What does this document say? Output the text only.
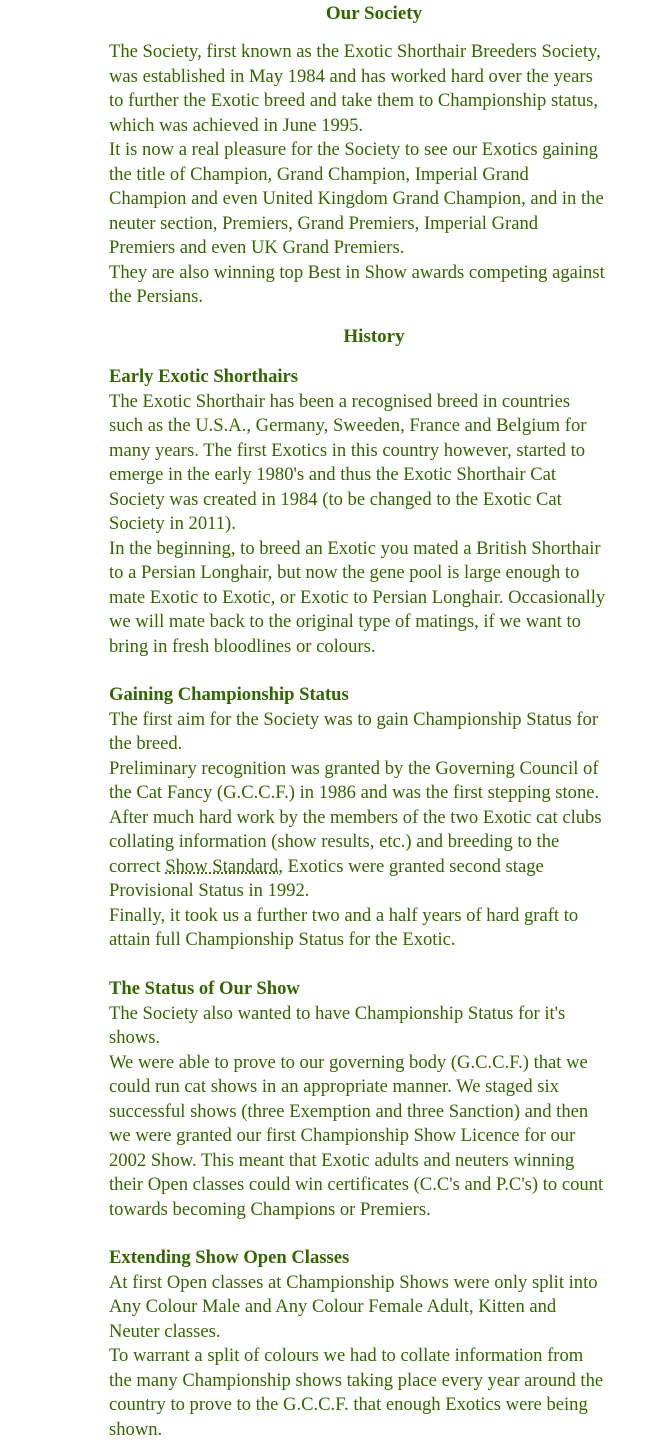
Our Society

The Society, first known as the Exotic Shorthair Breeders Society,
was established in May 1984 and has worked hard over the years
to further the Exotic breed and take them to Championship status,
which was achieved in June 1995.
It is now a real pleasure for the Society to see our Exotics gaining
the title of Champion, Grand Champion, Imperial Grand
Champion and even United Kingdom Grand Champion, and in the
neuter section, Premiers, Grand Premiers, Imperial Grand
Premiers and even UK Grand Premiers.
They are also winning top Best in Show awards competing against
the Persians.

History
Early Exotic Shorthairs

The Exotic Shorthair has been a recognised breed in countries
such as the U.S.A., Germany, Sweeden, France and Belgium for
many years. The first Exotics in this country however, started to
emerge in the early 1980's and thus the Exotic Shorthair Cat
Society was created in 1984 (to be changed to the Exotic Cat
Society in 2011).
In the beginning, to breed an Exotic you mated a British Shorthair
to a Persian Longhair, but now the gene pool is large enough to
mate Exotic to Exotic, or Exotic to Persian Longhair. Occasionally
we will mate back to the original type of matings, if we want to
bring in fresh bloodlines or colours.

Gaining Championship Status

The first aim for the Society was to gain Championship Status for
the breed.
Preliminary recognition was granted by the Governing Council of
the Cat Fancy (G.C.C.F.) in 1986 and was the first stepping stone.
After much hard work by the members of the two Exotic cat clubs
collating information (show results, etc.) and breeding to the
correct Show Standard, Exotics were granted second stage
Provisional Status in 1992.
Finally, it took us a further two and a half years of hard graft to
attain full Championship Status for the Exotic.

The Status of Our Show

The Society also wanted to have Championship Status for it's
shows.
We were able to prove to our governing body (G.C.C.F.) that we
could run cat shows in an appropriate manner. We staged six
successful shows (three Exemption and three Sanction) and then
we were granted our first Championship Show Licence for our
2002 Show. This meant that Exotic adults and neuters winning
their Open classes could win certificates (C.C's and P.C's) to count
towards becoming Champions or Premiers.

Extending Show Open Classes

At first Open classes at Championship Shows were only split into
Any Colour Male and Any Colour Female Adult, Kitten and
Neuter classes.
To warrant a split of colours we had to collate information from
the many Championship shows taking place every year around the
country to prove to the G.C.C.F. that enough Exotics were being
shown.
